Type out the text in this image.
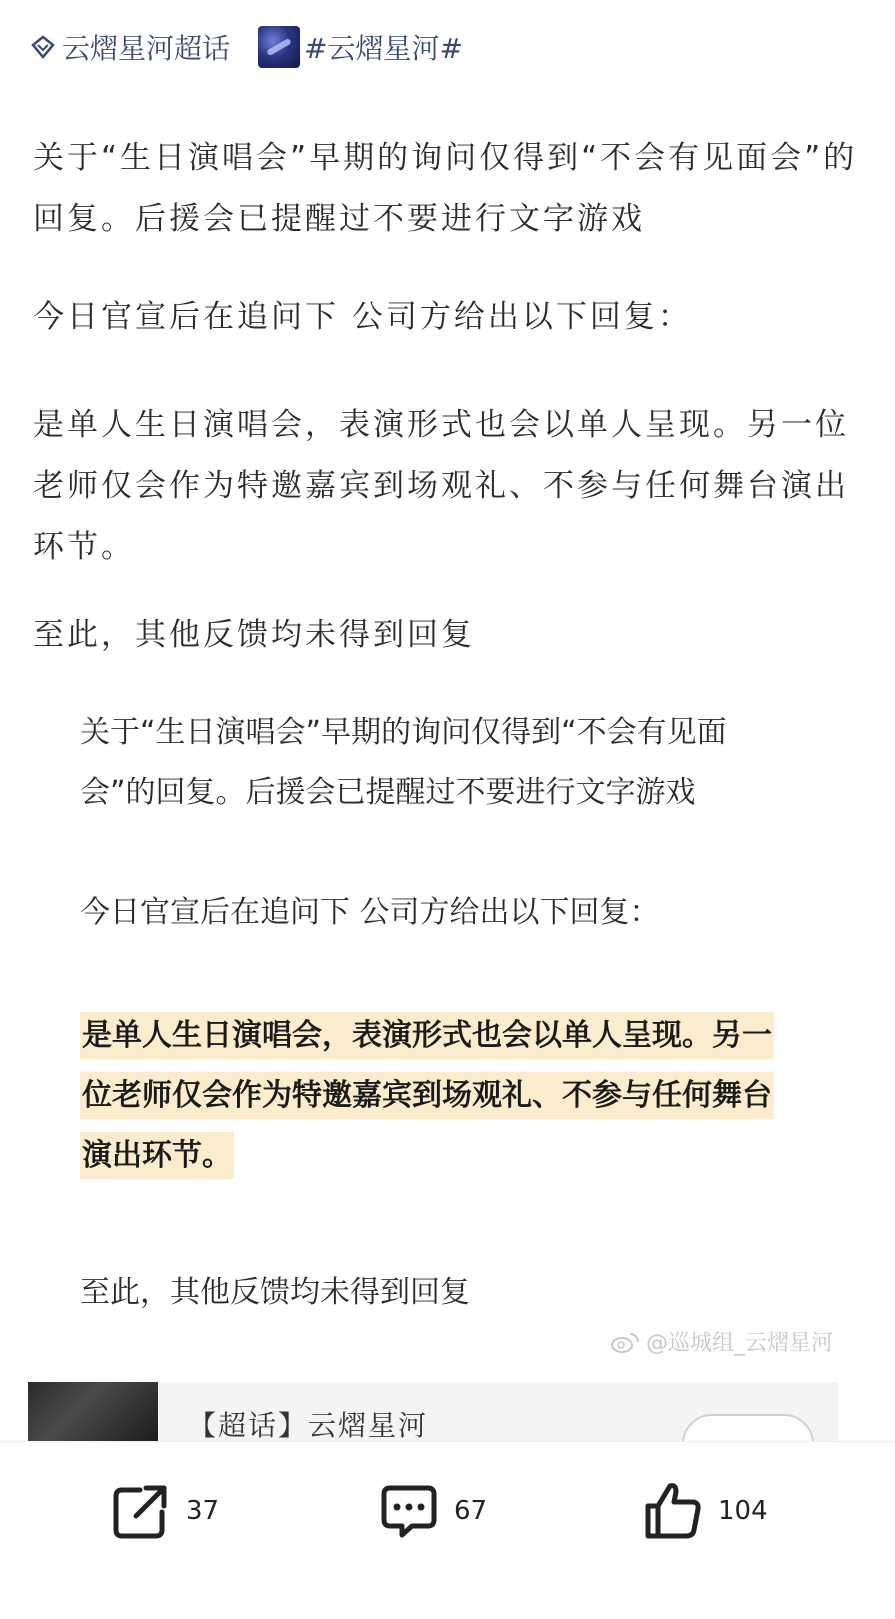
云熠星河超话	#云熠星河#
关于“生日演唱会”早期的询问仅得到“不会有见面会”的回复。后援会已提醒过不要进行文字游戏
今日官宣后在追问下 公司方给出以下回复：
是单人生日演唱会，表演形式也会以单人呈现。另一位老师仅会作为特邀嘉宾到场观礼、不参与任何舞台演出环节。
至此，其他反馈均未得到回复
关于“生日演唱会”早期的询问仅得到“不会有见面会”的回复。后援会已提醒过不要进行文字游戏
今日官宣后在追问下 公司方给出以下回复：
是单人生日演唱会，表演形式也会以单人呈现。另一位老师仅会作为特邀嘉宾到场观礼、不参与任何舞台演出环节。
至此，其他反馈均未得到回复
@巡城组_云熠星河
【超话】云熠星河
37	67	104
